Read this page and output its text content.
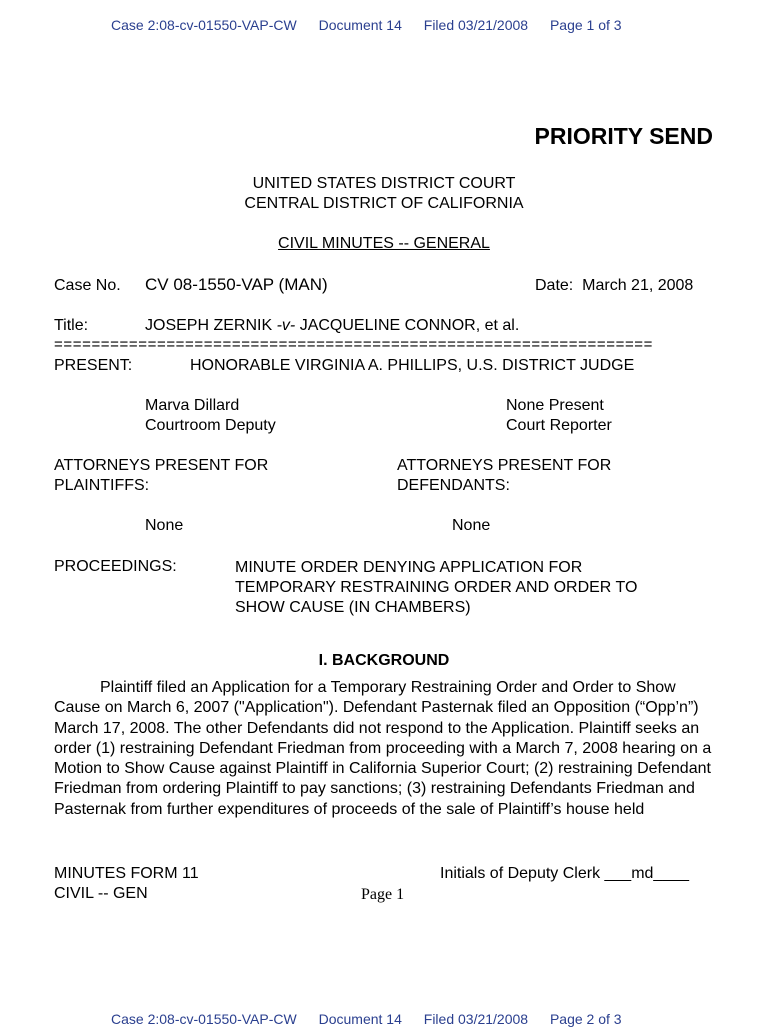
Case 2:08-cv-01550-VAP-CW Document 14 Filed 03/21/2008 Page 1 of 3
PRIORITY SEND
UNITED STATES DISTRICT COURT
CENTRAL DISTRICT OF CALIFORNIA
CIVIL MINUTES -- GENERAL
Case No. CV 08-1550-VAP (MAN)	Date: March 21, 2008
Title:	JOSEPH ZERNIK -v- JACQUELINE CONNOR, et al.
================================================================
PRESENT:	HONORABLE VIRGINIA A. PHILLIPS, U.S. DISTRICT JUDGE
Marva Dillard
Courtroom Deputy
None Present
Court Reporter
ATTORNEYS PRESENT FOR
PLAINTIFFS:
ATTORNEYS PRESENT FOR
DEFENDANTS:
None	None
PROCEEDINGS:	MINUTE ORDER DENYING APPLICATION FOR
TEMPORARY RESTRAINING ORDER AND ORDER TO
SHOW CAUSE (IN CHAMBERS)
I. BACKGROUND

Plaintiff filed an Application for a Temporary Restraining Order and Order to Show Cause on March 6, 2007 ("Application"). Defendant Pasternak filed an Opposition (“Opp’n”) March 17, 2008. The other Defendants did not respond to the Application. Plaintiff seeks an order (1) restraining Defendant Friedman from proceeding with a March 7, 2008 hearing on a Motion to Show Cause against Plaintiff in California Superior Court; (2) restraining Defendant Friedman from ordering Plaintiff to pay sanctions; (3) restraining Defendants Friedman and Pasternak from further expenditures of proceeds of the sale of Plaintiff’s house held

MINUTES FORM 11
CIVIL -- GEN
Initials of Deputy Clerk ___md____
Page 1
Case 2:08-cv-01550-VAP-CW Document 14 Filed 03/21/2008 Page 2 of 3
